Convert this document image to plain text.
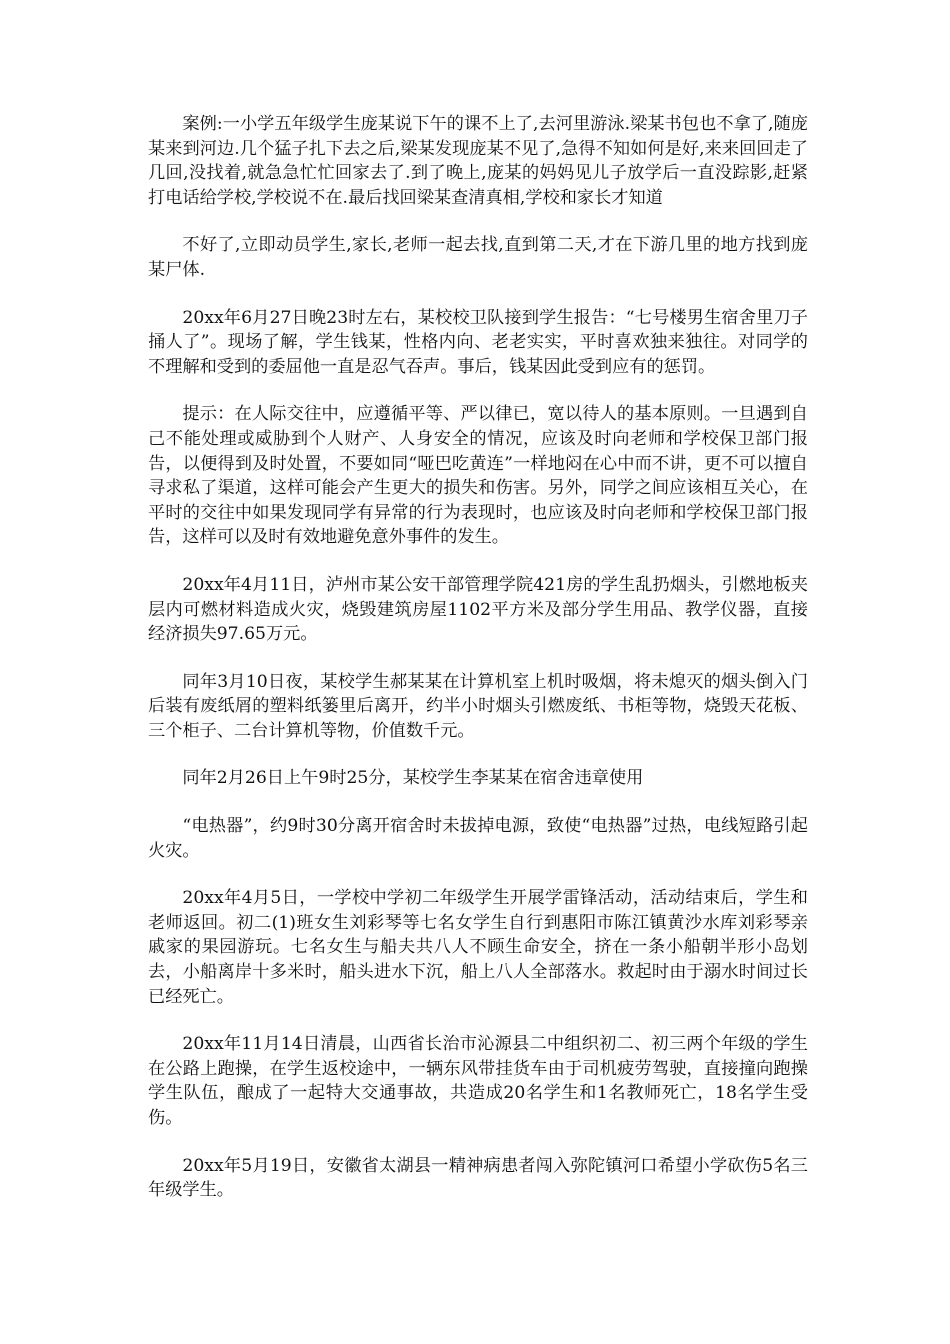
案例:一小学五年级学生庞某说下午的课不上了,去河里游泳.梁某书包也不拿了,随庞某来到河边.几个猛子扎下去之后,梁某发现庞某不见了,急得不知如何是好,来来回回走了几回,没找着,就急急忙忙回家去了.到了晚上,庞某的妈妈见儿子放学后一直没踪影,赶紧打电话给学校,学校说不在.最后找回梁某查清真相,学校和家长才知道

不好了,立即动员学生,家长,老师一起去找,直到第二天,才在下游几里的地方找到庞某尸体.

20xx年6月27日晚23时左右，某校校卫队接到学生报告：“七号楼男生宿舍里刀子捅人了”。现场了解，学生钱某，性格内向、老老实实，平时喜欢独来独往。对同学的不理解和受到的委屈他一直是忍气吞声。事后，钱某因此受到应有的惩罚。

提示：在人际交往中，应遵循平等、严以律已，宽以待人的基本原则。一旦遇到自己不能处理或威胁到个人财产、人身安全的情况，应该及时向老师和学校保卫部门报告，以便得到及时处置，不要如同“哑巴吃黄连”一样地闷在心中而不讲，更不可以擅自寻求私了渠道，这样可能会产生更大的损失和伤害。另外，同学之间应该相互关心，在平时的交往中如果发现同学有异常的行为表现时，也应该及时向老师和学校保卫部门报告，这样可以及时有效地避免意外事件的发生。

20xx年4月11日，泸州市某公安干部管理学院421房的学生乱扔烟头，引燃地板夹层内可燃材料造成火灾，烧毁建筑房屋1102平方米及部分学生用品、教学仪器，直接经济损失97.65万元。

同年3月10日夜，某校学生郝某某在计算机室上机时吸烟，将未熄灭的烟头倒入门后装有废纸屑的塑料纸篓里后离开，约半小时烟头引燃废纸、书柜等物，烧毁天花板、三个柜子、二台计算机等物，价值数千元。

同年2月26日上午9时25分，某校学生李某某在宿舍违章使用

“电热器”，约9时30分离开宿舍时未拔掉电源，致使“电热器”过热，电线短路引起火灾。

20xx年4月5日，一学校中学初二年级学生开展学雷锋活动，活动结束后，学生和老师返回。初二(1)班女生刘彩琴等七名女学生自行到惠阳市陈江镇黄沙水库刘彩琴亲戚家的果园游玩。七名女生与船夫共八人不顾生命安全，挤在一条小船朝半形小岛划去，小船离岸十多米时，船头进水下沉，船上八人全部落水。救起时由于溺水时间过长已经死亡。

20xx年11月14日清晨，山西省长治市沁源县二中组织初二、初三两个年级的学生在公路上跑操，在学生返校途中，一辆东风带挂货车由于司机疲劳驾驶，直接撞向跑操学生队伍，酿成了一起特大交通事故，共造成20名学生和1名教师死亡，18名学生受伤。

20xx年5月19日，安徽省太湖县一精神病患者闯入弥陀镇河口希望小学砍伤5名三年级学生。
